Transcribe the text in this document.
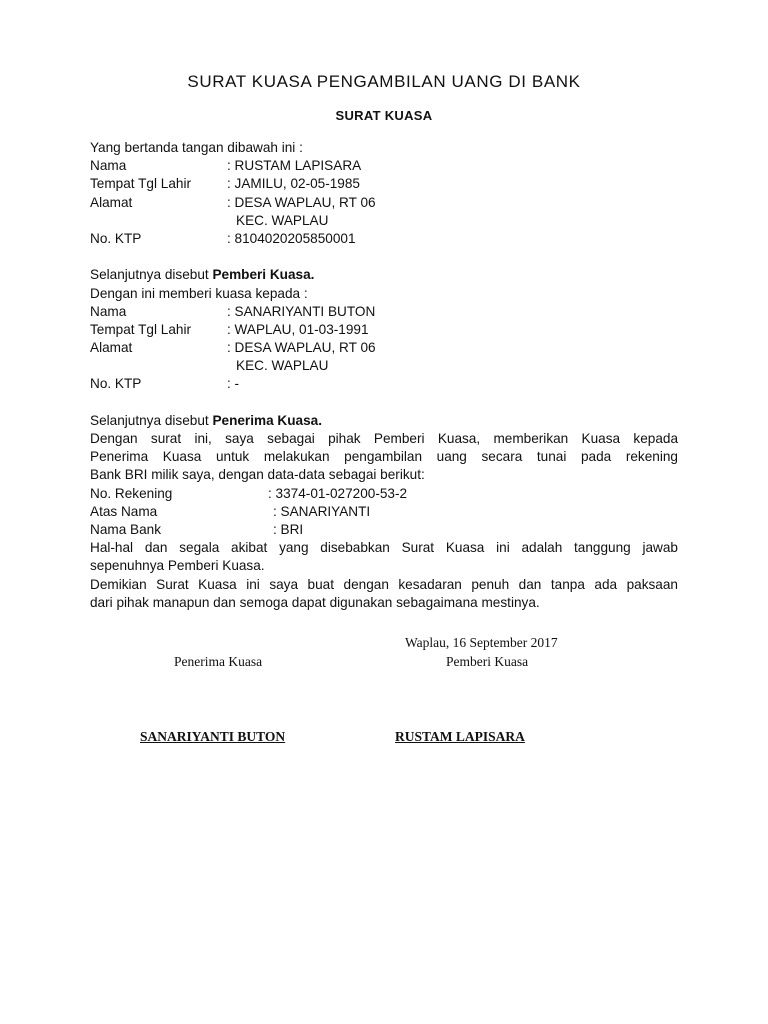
SURAT KUASA PENGAMBILAN UANG DI BANK
SURAT KUASA
Yang bertanda tangan dibawah ini :
Nama	: RUSTAM LAPISARA
Tempat Tgl Lahir	: JAMILU, 02-05-1985
Alamat	: DESA WAPLAU, RT 06
KEC. WAPLAU
No. KTP	: 8104020205850001
Selanjutnya disebut Pemberi Kuasa.
Dengan ini memberi kuasa kepada :
Nama	: SANARIYANTI BUTON
Tempat Tgl Lahir	: WAPLAU, 01-03-1991
Alamat	: DESA WAPLAU, RT 06
KEC. WAPLAU
No. KTP	: -
Selanjutnya disebut Penerima Kuasa.
Dengan surat ini, saya sebagai pihak Pemberi Kuasa, memberikan Kuasa kepada
Penerima Kuasa untuk melakukan pengambilan uang secara tunai pada rekening
Bank BRI milik saya, dengan data-data sebagai berikut:
No. Rekening	: 3374-01-027200-53-2
Atas Nama	: SANARIYANTI
Nama Bank	: BRI
Hal-hal dan segala akibat yang disebabkan Surat Kuasa ini adalah tanggung jawab
sepenuhnya Pemberi Kuasa.
Demikian Surat Kuasa ini saya buat dengan kesadaran penuh dan tanpa ada paksaan
dari pihak manapun dan semoga dapat digunakan sebagaimana mestinya.
Waplau, 16 September 2017
Penerima Kuasa	Pemberi Kuasa
SANARIYANTI BUTON	RUSTAM LAPISARA
